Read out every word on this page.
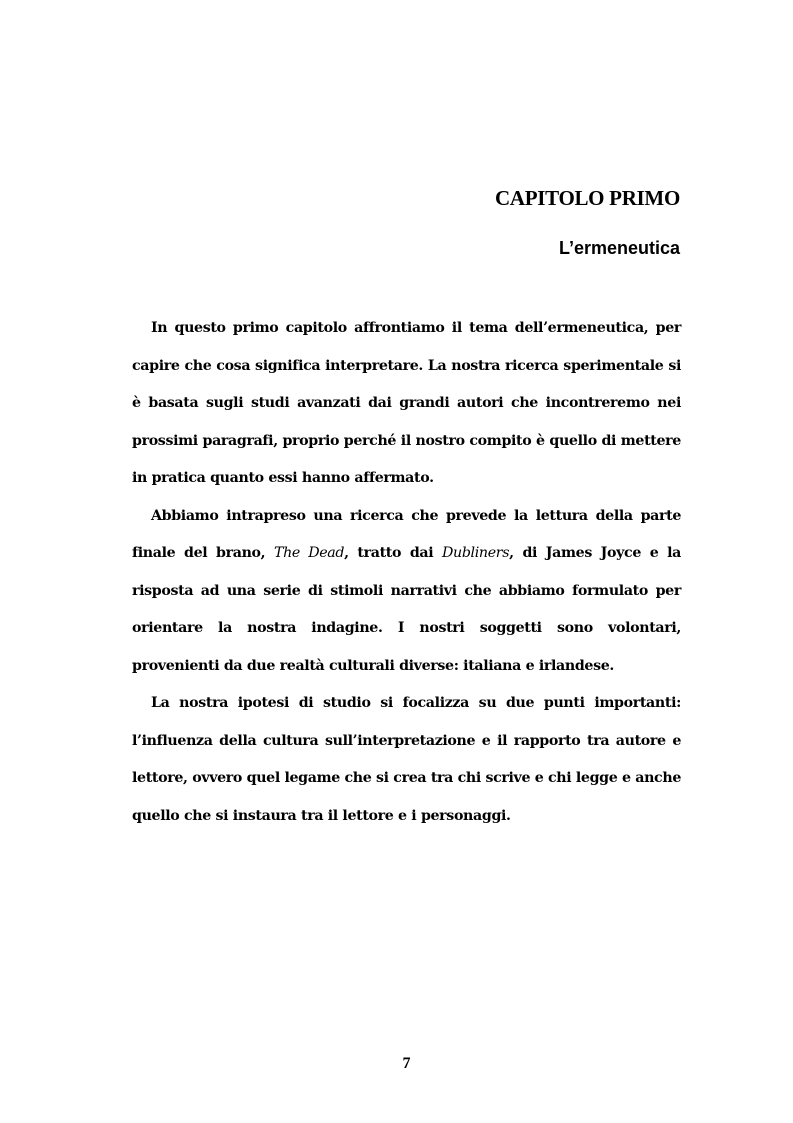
CAPITOLO PRIMO
L’ermeneutica

In questo primo capitolo affrontiamo il tema dell’ermeneutica, per capire che cosa significa interpretare. La nostra ricerca sperimentale si è basata sugli studi avanzati dai grandi autori che incontreremo nei prossimi paragrafi, proprio perché il nostro compito è quello di mettere in pratica quanto essi hanno affermato.

Abbiamo intrapreso una ricerca che prevede la lettura della parte finale del brano, The Dead, tratto dai Dubliners, di James Joyce e la risposta ad una serie di stimoli narrativi che abbiamo formulato per orientare la nostra indagine. I nostri soggetti sono volontari, provenienti da due realtà culturali diverse: italiana e irlandese.

La nostra ipotesi di studio si focalizza su due punti importanti: l’influenza della cultura sull’interpretazione e il rapporto tra autore e lettore, ovvero quel legame che si crea tra chi scrive e chi legge e anche quello che si instaura tra il lettore e i personaggi.

7
